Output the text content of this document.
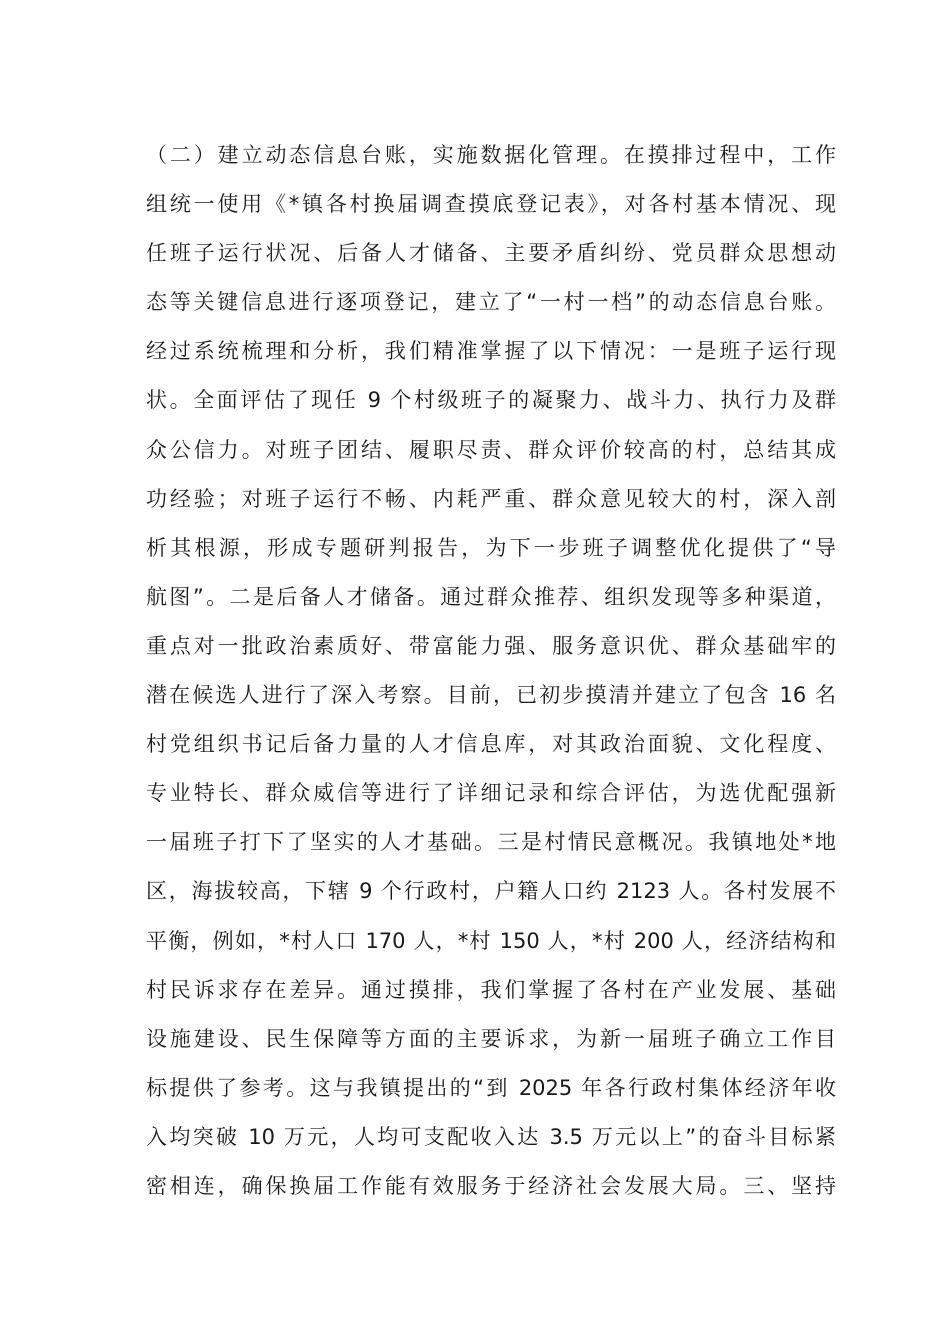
（二）建立动态信息台账，实施数据化管理。在摸排过程中，工作
组统一使用《*镇各村换届调查摸底登记表》，对各村基本情况、现
任班子运行状况、后备人才储备、主要矛盾纠纷、党员群众思想动
态等关键信息进行逐项登记，建立了“一村一档”的动态信息台账。
经过系统梳理和分析，我们精准掌握了以下情况：一是班子运行现
状。全面评估了现任 9 个村级班子的凝聚力、战斗力、执行力及群
众公信力。对班子团结、履职尽责、群众评价较高的村，总结其成
功经验；对班子运行不畅、内耗严重、群众意见较大的村，深入剖
析其根源，形成专题研判报告，为下一步班子调整优化提供了“导
航图”。二是后备人才储备。通过群众推荐、组织发现等多种渠道，
重点对一批政治素质好、带富能力强、服务意识优、群众基础牢的
潜在候选人进行了深入考察。目前，已初步摸清并建立了包含 16 名
村党组织书记后备力量的人才信息库，对其政治面貌、文化程度、
专业特长、群众威信等进行了详细记录和综合评估，为选优配强新
一届班子打下了坚实的人才基础。三是村情民意概况。我镇地处*地
区，海拔较高，下辖 9 个行政村，户籍人口约 2123 人。各村发展不
平衡，例如，*村人口 170 人，*村 150 人，*村 200 人，经济结构和
村民诉求存在差异。通过摸排，我们掌握了各村在产业发展、基础
设施建设、民生保障等方面的主要诉求，为新一届班子确立工作目
标提供了参考。这与我镇提出的“到 2025 年各行政村集体经济年收
入均突破 10 万元，人均可支配收入达 3.5 万元以上”的奋斗目标紧
密相连，确保换届工作能有效服务于经济社会发展大局。三、坚持
